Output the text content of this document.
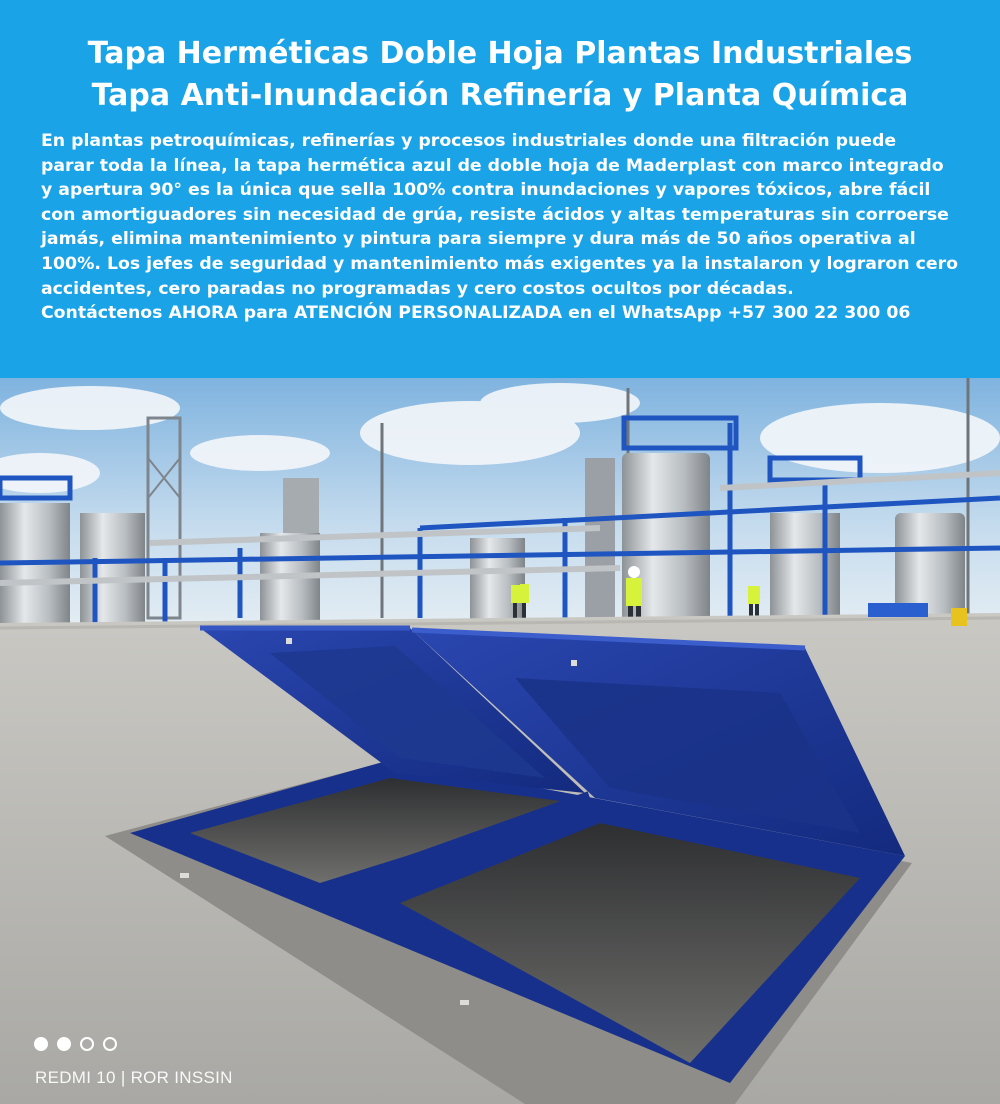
Tapa Herméticas Doble Hoja Plantas Industriales
Tapa Anti-Inundación Refinería y Planta Química

En plantas petroquímicas, refinerías y procesos industriales donde una filtración puede
parar toda la línea, la tapa hermética azul de doble hoja de Maderplast con marco integrado
y apertura 90° es la única que sella 100% contra inundaciones y vapores tóxicos, abre fácil
con amortiguadores sin necesidad de grúa, resiste ácidos y altas temperaturas sin corroerse
jamás, elimina mantenimiento y pintura para siempre y dura más de 50 años operativa al
100%. Los jefes de seguridad y mantenimiento más exigentes ya la instalaron y lograron cero
accidentes, cero paradas no programadas y cero costos ocultos por décadas.
Contáctenos AHORA para ATENCIÓN PERSONALIZADA en el WhatsApp +57 300 22 300 06

REDMI 10 | ROR INSSIN
